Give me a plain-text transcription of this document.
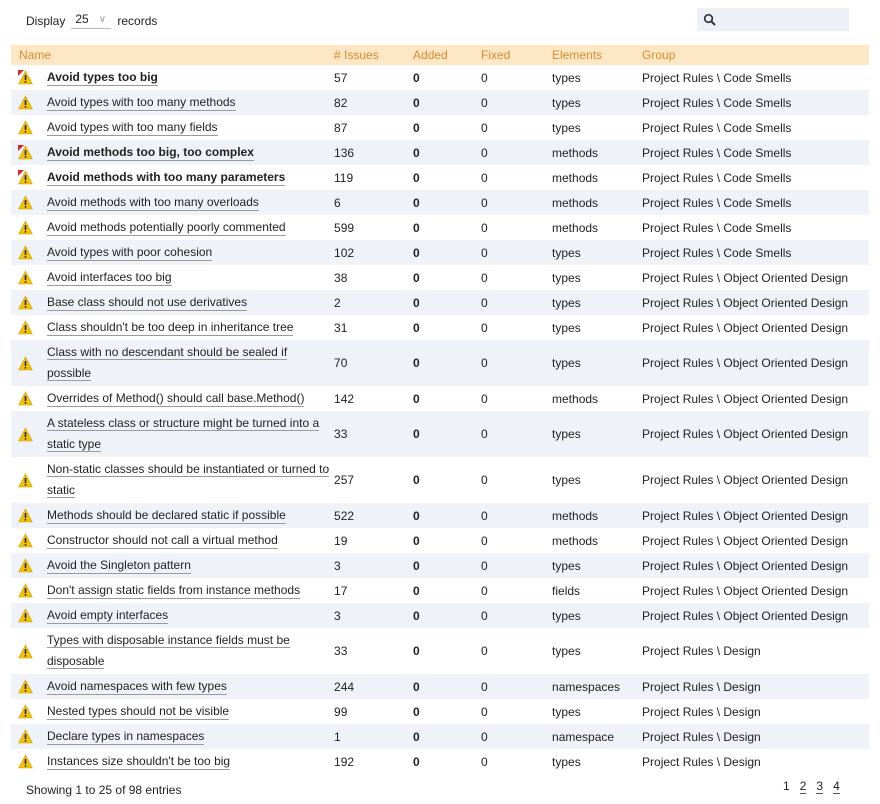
Display 25 ∨ records
Name		# Issues	Added	Fixed	Elements	Group

	Avoid types too big	57	0	0	types	Project Rules \ Code Smells

	Avoid types with too many methods	82	0	0	types	Project Rules \ Code Smells

	Avoid types with too many fields	87	0	0	types	Project Rules \ Code Smells

	Avoid methods too big, too complex	136	0	0	methods	Project Rules \ Code Smells

	Avoid methods with too many parameters	119	0	0	methods	Project Rules \ Code Smells

	Avoid methods with too many overloads	6	0	0	methods	Project Rules \ Code Smells

	Avoid methods potentially poorly commented	599	0	0	methods	Project Rules \ Code Smells

	Avoid types with poor cohesion	102	0	0	types	Project Rules \ Code Smells

	Avoid interfaces too big	38	0	0	types	Project Rules \ Object Oriented Design

	Base class should not use derivatives	2	0	0	types	Project Rules \ Object Oriented Design

	Class shouldn't be too deep in inheritance tree	31	0	0	types	Project Rules \ Object Oriented Design

	Class with no descendant should be sealed if possible	70	0	0	types	Project Rules \ Object Oriented Design

	Overrides of Method() should call base.Method()	142	0	0	methods	Project Rules \ Object Oriented Design

	A stateless class or structure might be turned into a static type	33	0	0	types	Project Rules \ Object Oriented Design

	Non-static classes should be instantiated or turned to static	257	0	0	types	Project Rules \ Object Oriented Design

	Methods should be declared static if possible	522	0	0	methods	Project Rules \ Object Oriented Design

	Constructor should not call a virtual method	19	0	0	methods	Project Rules \ Object Oriented Design

	Avoid the Singleton pattern	3	0	0	types	Project Rules \ Object Oriented Design

	Don't assign static fields from instance methods	17	0	0	fields	Project Rules \ Object Oriented Design

	Avoid empty interfaces	3	0	0	types	Project Rules \ Object Oriented Design

	Types with disposable instance fields must be disposable	33	0	0	types	Project Rules \ Design

	Avoid namespaces with few types	244	0	0	namespaces	Project Rules \ Design

	Nested types should not be visible	99	0	0	types	Project Rules \ Design

	Declare types in namespaces	1	0	0	namespace	Project Rules \ Design

	Instances size shouldn't be too big	192	0	0	types	Project Rules \ Design
Showing 1 to 25 of 98 entries	1 2 3 4
